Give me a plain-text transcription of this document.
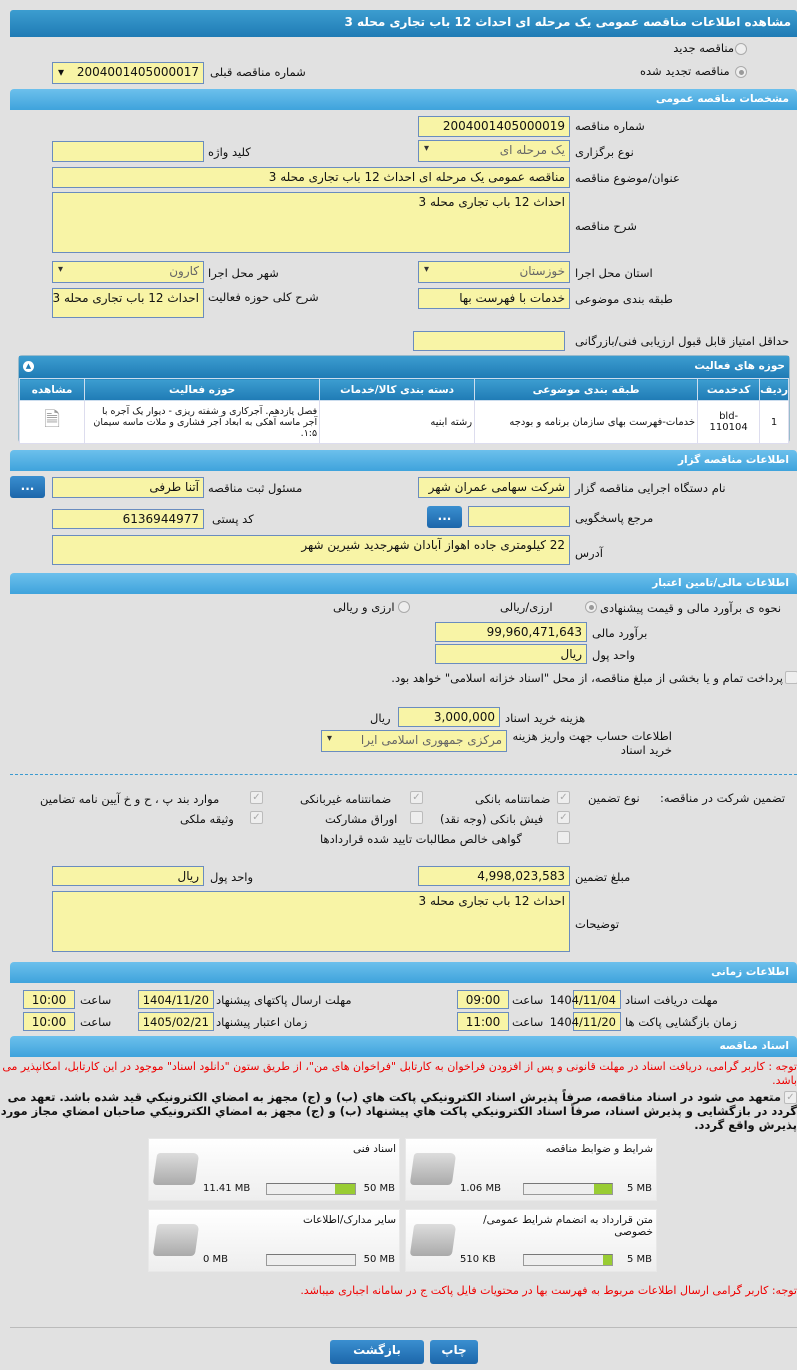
مشاهده اطلاعات مناقصه عمومی یک مرحله ای احداث 12 باب تجاری محله 3
مناقصه جدید
مناقصه تجدید شده
شماره مناقصه قبلی
2004001405000017
▾
مشخصات مناقصه عمومی
شماره مناقصه
2004001405000019
نوع برگزاری
یک مرحله ای
▾
کلید واژه
عنوان/موضوع مناقصه
مناقصه عمومی یک مرحله ای احداث 12 باب تجاری محله 3
شرح مناقصه
احداث 12 باب تجاری محله 3
استان محل اجرا
خوزستان
▾
شهر محل اجرا
کارون
▾
طبقه بندی موضوعی
خدمات با فهرست بها
شرح کلی حوزه فعالیت
احداث 12 باب تجاری محله 3
حداقل امتیاز قابل قبول ارزیابی فنی/بازرگانی
حوزه های فعالیت
▲
ردیف	کدخدمت	طبقه بندی موضوعی	دسته بندی کالا/خدمات	حوزه فعالیت	مشاهده
1	bld-110104	خدمات-فهرست بهای سازمان برنامه و بودجه	رشته ابنیه	فصل یازدهم. آجرکاری و شفته ریزی - دیوار یک آجره با آجر ماسه آهکی به ابعاد آجر فشاری و ملات ماسه سیمان ۱:۵.	🗎
اطلاعات مناقصه گزار
نام دستگاه اجرایی مناقصه گزار
شرکت سهامی عمران شهر
مسئول ثبت مناقصه
آتنا طرفی
...
مرجع پاسخگویی
...
کد پستی
6136944977
آدرس
22 کیلومتری جاده اهواز آبادان شهرجدید شیرین شهر
اطلاعات مالی/تامین اعتبار
نحوه ی برآورد مالی و قیمت پیشنهادی
ارزی/ریالی
ارزی و ریالی
برآورد مالی
99,960,471,643
واحد پول
ریال
پرداخت تمام و یا بخشی از مبلغ مناقصه، از محل "اسناد خزانه اسلامی" خواهد بود.
هزینه خرید اسناد
3,000,000
ریال
اطلاعات حساب جهت واریز هزینه خرید اسناد
مرکزی جمهوری اسلامی ایرا
▾
تضمین شرکت در مناقصه:
نوع تضمین
✓
ضمانتنامه بانکی
✓
ضمانتنامه غیربانکی
✓
موارد بند پ ، ح و خ آیین نامه تضامین
✓
فیش بانکی (وجه نقد)
اوراق مشارکت
✓
وثیقه ملکی
گواهی خالص مطالبات تایید شده قراردادها
مبلغ تضمین
4,998,023,583
واحد پول
ریال
توضیحات
احداث 12 باب تجاری محله 3
اطلاعات زمانی
مهلت دریافت اسناد
1404/11/04
ساعت
09:00
مهلت ارسال پاکتهای پیشنهاد
1404/11/20
ساعت
10:00
زمان بازگشایی پاکت ها
1404/11/20
ساعت
11:00
زمان اعتبار پیشنهاد
1405/02/21
ساعت
10:00
اسناد مناقصه
توجه : کاربر گرامی، دریافت اسناد در مهلت قانونی و پس از افزودن فراخوان به کارتابل "فراخوان های من"، از طریق ستون "دانلود اسناد" موجود در این کارتابل، امکانپذیر می باشد.
✓
متعهد می شود در اسناد مناقصه، صرفاً پذیرش اسناد الکترونیکي پاکت هاي (ب) و (ج) مجهز به امضاي الکترونیکي قيد شده باشد. تعهد می گردد در بازگشایی و پذيرش اسناد، صرفاً اسناد الکترونیکي پاکت هاي پيشنهاد (ب) و (ج) مجهز به امضاي الکترونيکي صاحبان امضاي مجاز مورد پذيرش واقع گردد.
شرایط و ضوابط مناقصه
5 MB
1.06 MB
اسناد فنی
50 MB
11.41 MB
متن قرارداد به انضمام شرایط عمومی/خصوصی
5 MB
510 KB
سایر مدارک/اطلاعات
50 MB
0 MB
توجه: کاربر گرامی ارسال اطلاعات مربوط به فهرست بها در محتویات فایل پاکت ج در سامانه اجباری میباشد.
چاپ
بازگشت
